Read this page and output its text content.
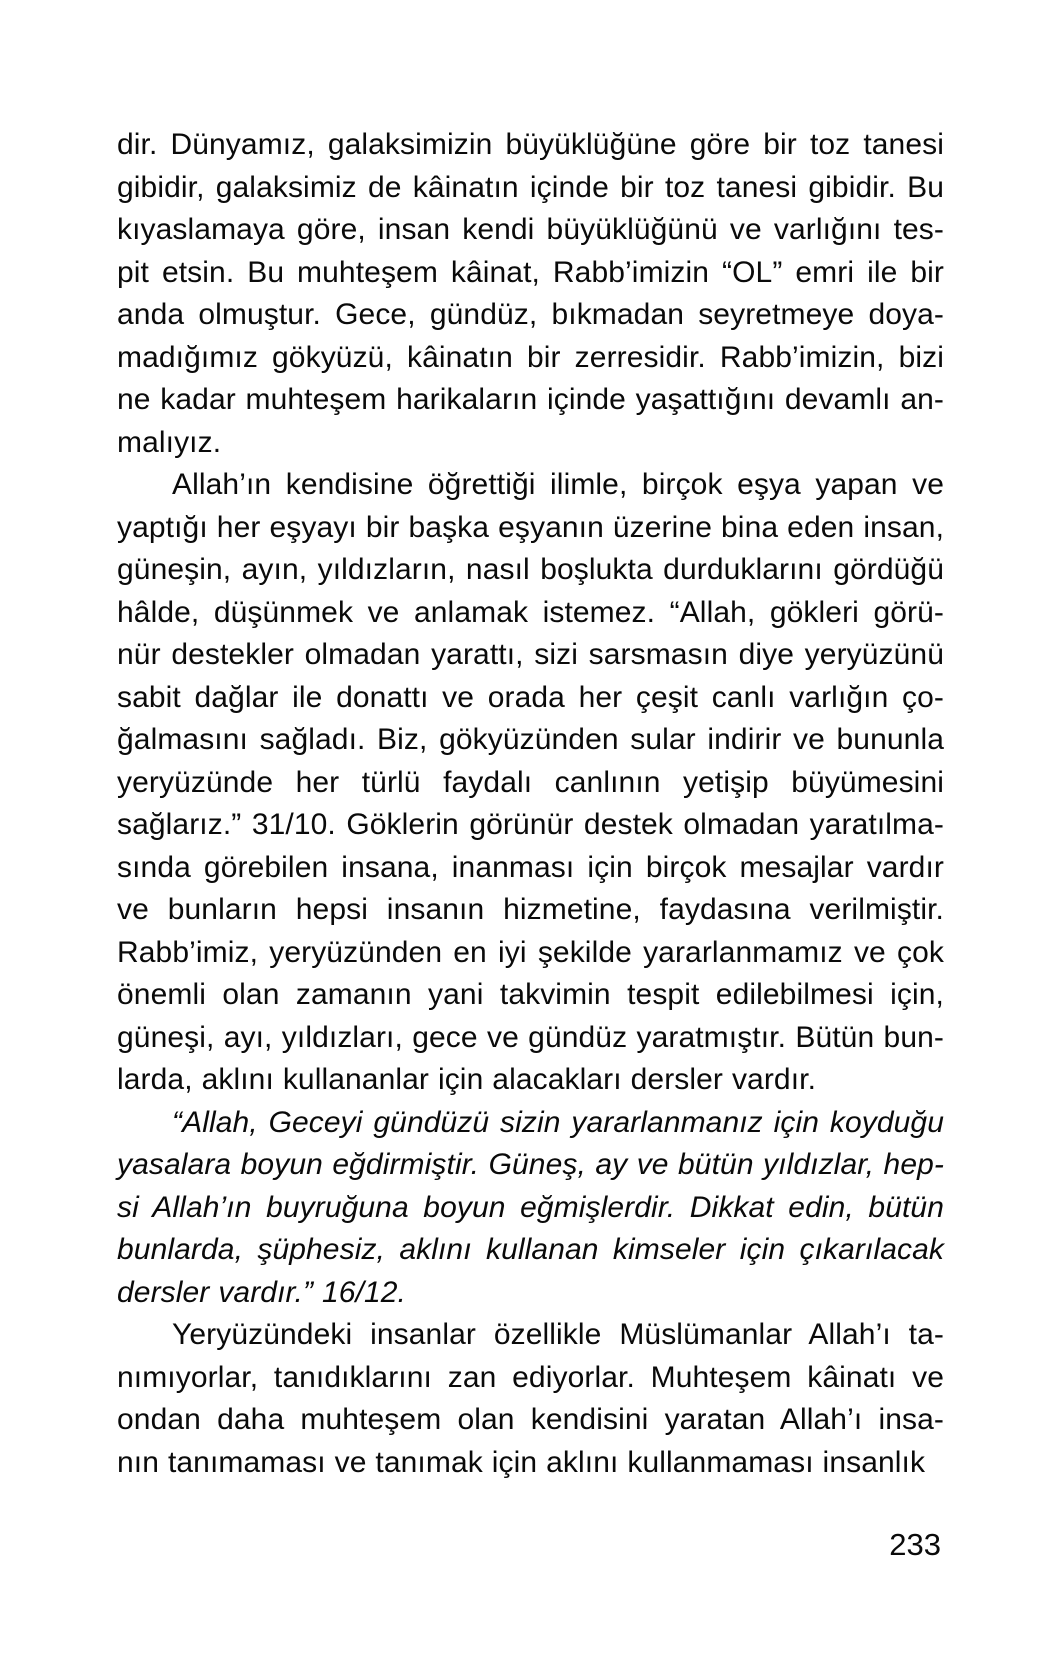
dir. Dünyamız, galaksimizin büyüklüğüne göre bir toz tanesi
gibidir, galaksimiz de kâinatın içinde bir toz tanesi gibidir. Bu
kıyaslamaya göre, insan kendi büyüklüğünü ve varlığını tes-
pit etsin. Bu muhteşem kâinat, Rabb’imizin “OL” emri ile bir
anda olmuştur. Gece, gündüz, bıkmadan seyretmeye doya-
madığımız gökyüzü, kâinatın bir zerresidir. Rabb’imizin, bizi
ne kadar muhteşem harikaların içinde yaşattığını devamlı an-
malıyız.
Allah’ın kendisine öğrettiği ilimle, birçok eşya yapan ve
yaptığı her eşyayı bir başka eşyanın üzerine bina eden insan,
güneşin, ayın, yıldızların, nasıl boşlukta durduklarını gördüğü
hâlde, düşünmek ve anlamak istemez. “Allah, gökleri görü-
nür destekler olmadan yarattı, sizi sarsmasın diye yeryüzünü
sabit dağlar ile donattı ve orada her çeşit canlı varlığın ço-
ğalmasını sağladı. Biz, gökyüzünden sular indirir ve bununla
yeryüzünde her türlü faydalı canlının yetişip büyümesini
sağlarız.” 31/10. Göklerin görünür destek olmadan yaratılma-
sında görebilen insana, inanması için birçok mesajlar vardır
ve bunların hepsi insanın hizmetine, faydasına verilmiştir.
Rabb’imiz, yeryüzünden en iyi şekilde yararlanmamız ve çok
önemli olan zamanın yani takvimin tespit edilebilmesi için,
güneşi, ayı, yıldızları, gece ve gündüz yaratmıştır. Bütün bun-
larda, aklını kullananlar için alacakları dersler vardır.
“Allah, Geceyi gündüzü sizin yararlanmanız için koyduğu
yasalara boyun eğdirmiştir. Güneş, ay ve bütün yıldızlar, hep-
si Allah’ın buyruğuna boyun eğmişlerdir. Dikkat edin, bütün
bunlarda, şüphesiz, aklını kullanan kimseler için çıkarılacak
dersler vardır.” 16/12.
Yeryüzündeki insanlar özellikle Müslümanlar Allah’ı ta-
nımıyorlar, tanıdıklarını zan ediyorlar. Muhteşem kâinatı ve
ondan daha muhteşem olan kendisini yaratan Allah’ı insa-
nın tanımaması ve tanımak için aklını kullanmaması insanlık
233
